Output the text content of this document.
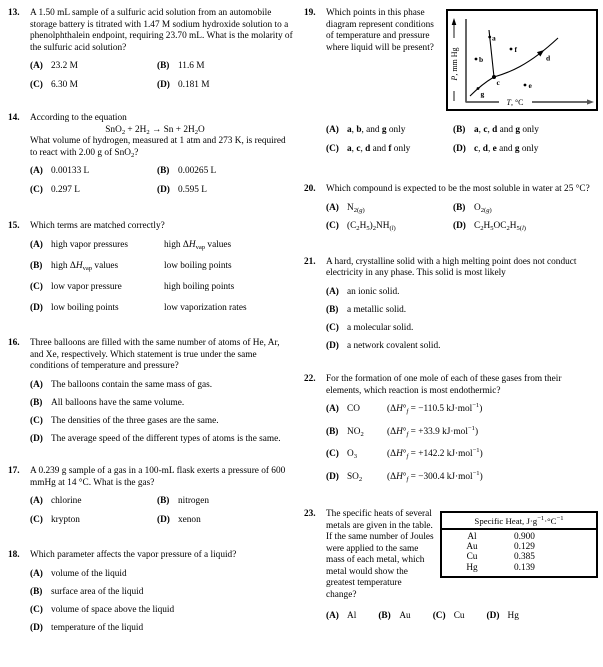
13.	A 1.50 mL sample of a sulfuric acid solution from an automobile storage battery is titrated with 1.47 M sodium hydroxide solution to a phenolphthalein endpoint, requiring 23.70 mL. What is the molarity of the sulfuric acid solution?
(A) 23.2 M	(B) 11.6 M
(C) 6.30 M	(D) 0.181 M
14.	According to the equation
$SnO_2 + 2H_2 \to Sn + 2H_2O$
What volume of hydrogen, measured at 1 atm and 273 K, is required to react with 2.00 g of SnO$_2$?
(A) 0.00133 L	(B) 0.00265 L
(C) 0.297 L	(D) 0.595 L
15.	Which terms are matched correctly?
(A) high vapor pressures	high $\Delta H_{vap}$ values
(B) high $\Delta H_{vap}$ values	low boiling points
(C) low vapor pressure	high boiling points
(D) low boiling points	low vaporization rates
16.	Three balloons are filled with the same number of atoms of He, Ar, and Xe, respectively. Which statement is true under the same conditions of temperature and pressure?
(A) The balloons contain the same mass of gas.
(B) All balloons have the same volume.
(C) The densities of the three gases are the same.
(D) The average speed of the different types of atoms is the same.
17.	A 0.239 g sample of a gas in a 100-mL flask exerts a pressure of 600 mmHg at 14 °C. What is the gas?
(A) chlorine	(B) nitrogen
(C) krypton	(D) xenon
18.	Which parameter affects the vapor pressure of a liquid?
(A) volume of the liquid
(B) surface area of the liquid
(C) volume of space above the liquid
(D) temperature of the liquid
19.
P, mm Hg
T, °C
a
b
c
d
e
f
g
Which points in this phase diagram represent conditions of temperature and pressure where liquid will be present?
(A) a, b, and g only	(B) a, c, d and g only
(C) a, c, d and f only	(D) c, d, e and g only
20.	Which compound is expected to be the most soluble in water at 25 °C?
(A) $N_{2(g)}$	(B) $O_{2(g)}$
(C) $(C_2H_5)_2NH_{(l)}$	(D) $C_2H_5OC_2H_{5(l)}$
21.	A hard, crystalline solid with a high melting point does not conduct electricity in any phase. This solid is most likely
(A) an ionic solid.
(B) a metallic solid.
(C) a molecular solid.
(D) a network covalent solid.
22.	For the formation of one mole of each of these gases from their elements, which reaction is most endothermic?
(A) CO	($\Delta H^\circ_f = -110.5$ kJ·mol$^{-1}$)
(B) $NO_2$	($\Delta H^\circ_f = +33.9$ kJ·mol$^{-1}$)
(C) $O_3$	($\Delta H^\circ_f = +142.2$ kJ·mol$^{-1}$)
(D) $SO_2$	($\Delta H^\circ_f = -300.4$ kJ·mol$^{-1}$)
23.
Specific Heat, $J\cdot g^{-1}\cdot^\circ C^{-1}$
Al	0.900
Au	0.129
Cu	0.385
Hg	0.139
The specific heats of several metals are given in the table. If the same number of Joules were applied to the same mass of each metal, which metal would show the greatest temperature change?
(A) Al (B) Au (C) Cu (D) Hg
